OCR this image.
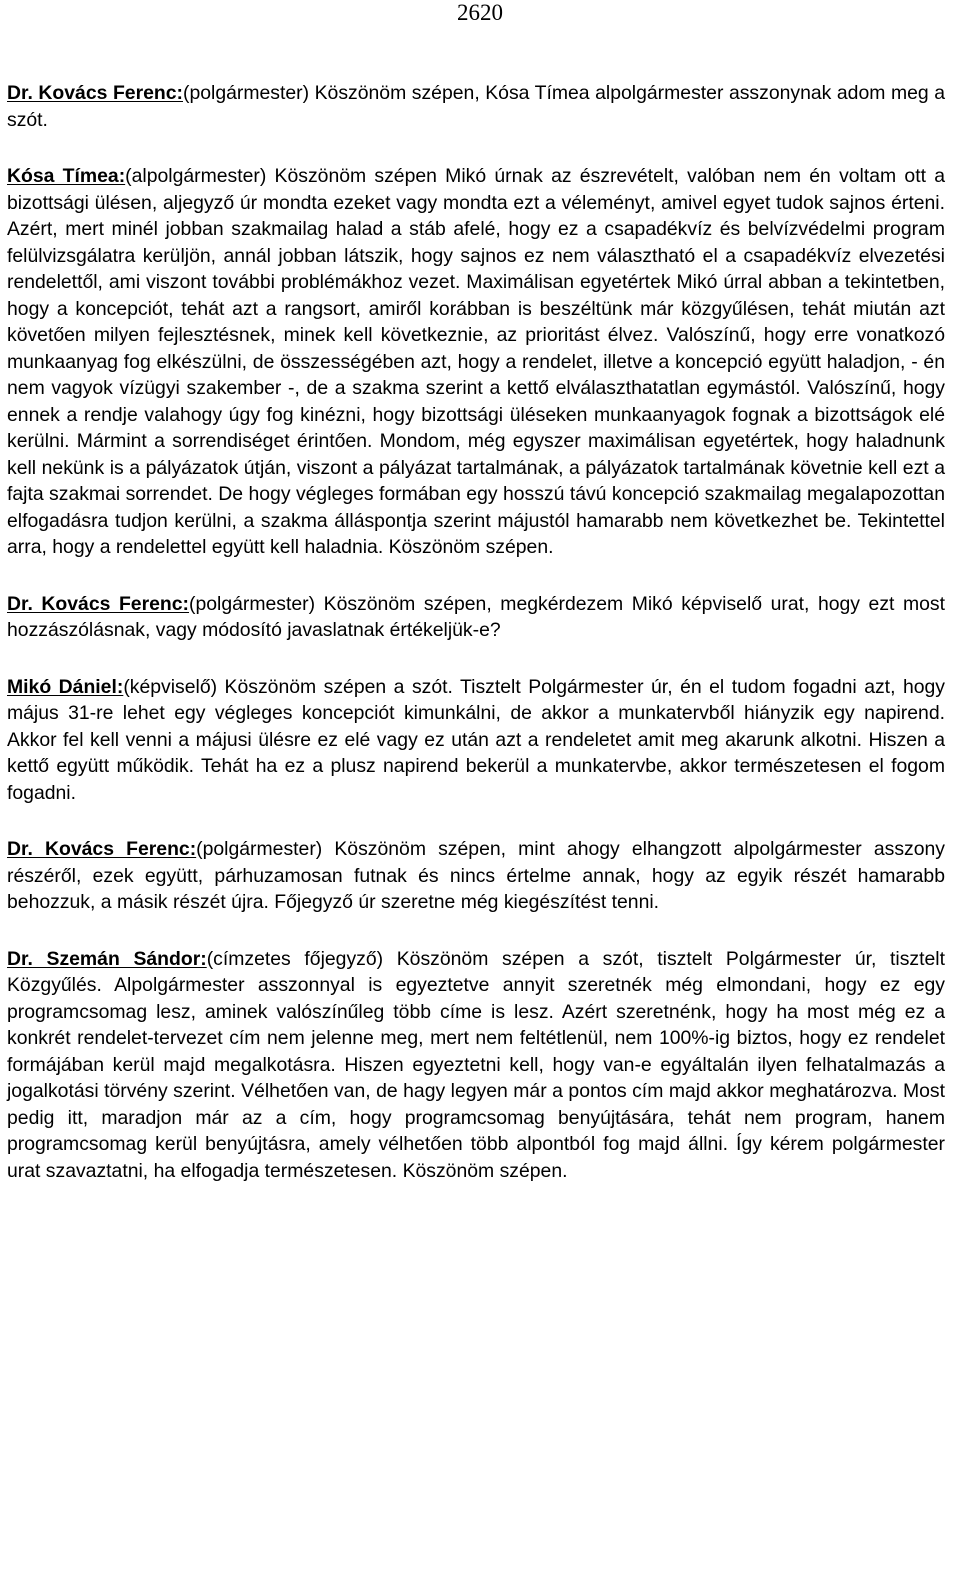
2620

Dr. Kovács Ferenc:(polgármester) Köszönöm szépen, Kósa Tímea alpolgármester asszonynak adom meg a szót.

Kósa Tímea:(alpolgármester) Köszönöm szépen Mikó úrnak az észrevételt, valóban nem én voltam ott a bizottsági ülésen, aljegyző úr mondta ezeket vagy mondta ezt a véleményt, amivel egyet tudok sajnos érteni. Azért, mert minél jobban szakmailag halad a stáb afelé, hogy ez a csapadékvíz és belvízvédelmi program felülvizsgálatra kerüljön, annál jobban látszik, hogy sajnos ez nem választható el a csapadékvíz elvezetési rendelettől, ami viszont további problémákhoz vezet. Maximálisan egyetértek Mikó úrral abban a tekintetben, hogy a koncepciót, tehát azt a rangsort, amiről korábban is beszéltünk már közgyűlésen, tehát miután azt követően milyen fejlesztésnek, minek kell következnie, az prioritást élvez. Valószínű, hogy erre vonatkozó munkaanyag fog elkészülni, de összességében azt, hogy a rendelet, illetve a koncepció együtt haladjon, - én nem vagyok vízügyi szakember -, de a szakma szerint a kettő elválaszthatatlan egymástól. Valószínű, hogy ennek a rendje valahogy úgy fog kinézni, hogy bizottsági üléseken munkaanyagok fognak a bizottságok elé kerülni. Mármint a sorrendiséget érintően. Mondom, még egyszer maximálisan egyetértek, hogy haladnunk kell nekünk is a pályázatok útján, viszont a pályázat tartalmának, a pályázatok tartalmának követnie kell ezt a fajta szakmai sorrendet. De hogy végleges formában egy hosszú távú koncepció szakmailag megalapozottan elfogadásra tudjon kerülni, a szakma álláspontja szerint májustól hamarabb nem következhet be. Tekintettel arra, hogy a rendelettel együtt kell haladnia. Köszönöm szépen.

Dr. Kovács Ferenc:(polgármester) Köszönöm szépen, megkérdezem Mikó képviselő urat, hogy ezt most hozzászólásnak, vagy módosító javaslatnak értékeljük-e?

Mikó Dániel:(képviselő) Köszönöm szépen a szót. Tisztelt Polgármester úr, én el tudom fogadni azt, hogy május 31-re lehet egy végleges koncepciót kimunkálni, de akkor a munkatervből hiányzik egy napirend. Akkor fel kell venni a májusi ülésre ez elé vagy ez után azt a rendeletet amit meg akarunk alkotni. Hiszen a kettő együtt működik. Tehát ha ez a plusz napirend bekerül a munkatervbe, akkor természetesen el fogom fogadni.

Dr. Kovács Ferenc:(polgármester) Köszönöm szépen, mint ahogy elhangzott alpolgármester asszony részéről, ezek együtt, párhuzamosan futnak és nincs értelme annak, hogy az egyik részét hamarabb behozzuk, a másik részét újra. Főjegyző úr szeretne még kiegészítést tenni.

Dr. Szemán Sándor:(címzetes főjegyző) Köszönöm szépen a szót, tisztelt Polgármester úr, tisztelt Közgyűlés. Alpolgármester asszonnyal is egyeztetve annyit szeretnék még elmondani, hogy ez egy programcsomag lesz, aminek valószínűleg több címe is lesz. Azért szeretnénk, hogy ha most még ez a konkrét rendelet-tervezet cím nem jelenne meg, mert nem feltétlenül, nem 100%-ig biztos, hogy ez rendelet formájában kerül majd megalkotásra. Hiszen egyeztetni kell, hogy van-e egyáltalán ilyen felhatalmazás a jogalkotási törvény szerint. Vélhetően van, de hagy legyen már a pontos cím majd akkor meghatározva. Most pedig itt, maradjon már az a cím, hogy programcsomag benyújtására, tehát nem program, hanem programcsomag kerül benyújtásra, amely vélhetően több alpontból fog majd állni. Így kérem polgármester urat szavaztatni, ha elfogadja természetesen. Köszönöm szépen.
